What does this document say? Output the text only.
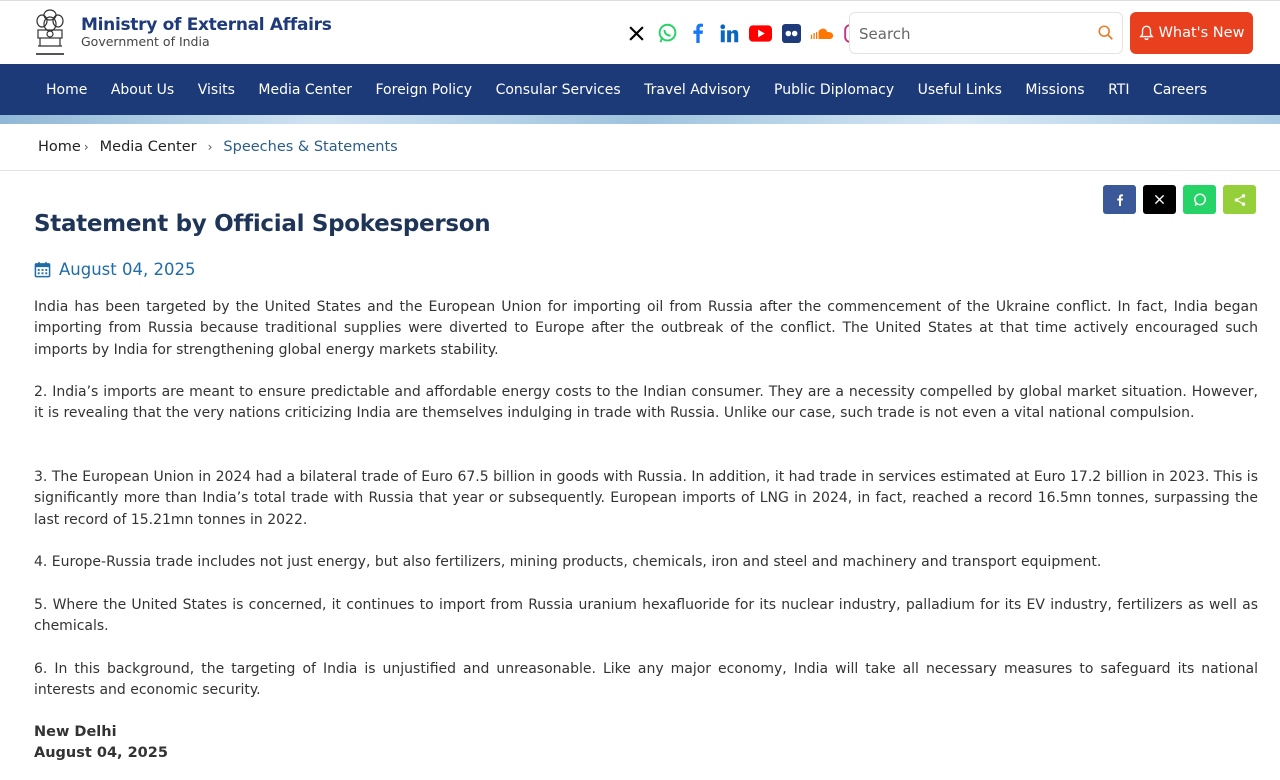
Ministry of External Affairs
Government of India
Search
What's New
Home About Us Visits Media Center Foreign Policy Consular Services Travel Advisory Public Diplomacy Useful Links Missions RTI Careers
Home › Media Center › Speeches & Statements
Statement by Official Spokesperson
August 04, 2025

India has been targeted by the United States and the European Union for importing oil from Russia after the commencement of the Ukraine conflict. In fact, India began importing from Russia because traditional supplies were diverted to Europe after the outbreak of the conflict. The United States at that time actively encouraged such imports by India for strengthening global energy markets stability.

2. India’s imports are meant to ensure predictable and affordable energy costs to the Indian consumer. They are a necessity compelled by global market situation. However, it is revealing that the very nations criticizing India are themselves indulging in trade with Russia. Unlike our case, such trade is not even a vital national compulsion.

3. The European Union in 2024 had a bilateral trade of Euro 67.5 billion in goods with Russia. In addition, it had trade in services estimated at Euro 17.2 billion in 2023. This is significantly more than India’s total trade with Russia that year or subsequently. European imports of LNG in 2024, in fact, reached a record 16.5mn tonnes, surpassing the last record of 15.21mn tonnes in 2022.

4. Europe-Russia trade includes not just energy, but also fertilizers, mining products, chemicals, iron and steel and machinery and transport equipment.

5. Where the United States is concerned, it continues to import from Russia uranium hexafluoride for its nuclear industry, palladium for its EV industry, fertilizers as well as chemicals.

6. In this background, the targeting of India is unjustified and unreasonable. Like any major economy, India will take all necessary measures to safeguard its national interests and economic security.

New Delhi
August 04, 2025
